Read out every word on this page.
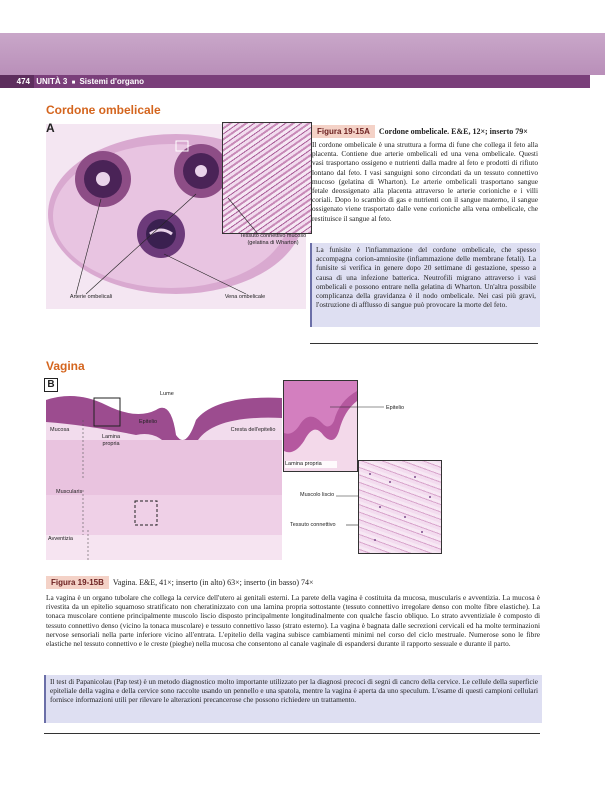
474 UNITÀ 3 ■ Sistemi d'organo
Cordone ombelicale
A
Tessuto connettivo mucoso (gelatina di Wharton)
Arterie ombelicali	Vena ombelicale
Figura 19-15A Cordone ombelicale. E&E, 12×; inserto 79×
Il cordone ombelicale è una struttura a forma di fune che collega il feto alla placenta. Contiene due arterie ombelicali ed una vena ombelicale. Questi vasi trasportano ossigeno e nutrienti dalla madre al feto e prodotti di rifiuto lontano dal feto. I vasi sanguigni sono circondati da un tessuto connettivo mucoso (gelatina di Wharton). Le arterie ombelicali trasportano sangue fetale deossigenato alla placenta attraverso le arterie corioniche e i villi coriali. Dopo lo scambio di gas e nutrienti con il sangue materno, il sangue ossigenato viene trasportato dalle vene corioniche alla vena ombelicale, che restituisce il sangue al feto.
La funisite è l'infiammazione del cordone ombelicale, che spesso accompagna corion-amniosite (infiammazione delle membrane fetali). La funisite si verifica in genere dopo 20 settimane di gestazione, spesso a causa di una infezione batterica. Neutrofili migrano attraverso i vasi ombelicali e possono entrare nella gelatina di Wharton. Un'altra possibile complicanza della gravidanza è il nodo ombelicale. Nei casi più gravi, l'ostruzione di afflusso di sangue può provocare la morte del feto.
Vagina
B
Lume
Epitelio
Cresta dell'epitelio
Mucosa
Lamina propria
Muscularis
Avventizia
Lamina propria
Epitelio
Muscolo liscio
Tessuto connettivo
Figura 19-15B Vagina. E&E, 41×; inserto (in alto) 63×; inserto (in basso) 74×
La vagina è un organo tubolare che collega la cervice dell'utero ai genitali esterni. La parete della vagina è costituita da mucosa, muscularis e avventizia. La mucosa è rivestita da un epitelio squamoso stratificato non cheratinizzato con una lamina propria sottostante (tessuto connettivo irregolare denso con molte fibre elastiche). La tonaca muscolare contiene principalmente muscolo liscio disposto principalmente longitudinalmente con qualche fascio obliquo. Lo strato avventiziale è composto di tessuto connettivo denso (vicino la tonaca muscolare) e tessuto connettivo lasso (strato esterno). La vagina è bagnata dalle secrezioni cervicali ed ha molte terminazioni nervose sensoriali nella parte inferiore vicino all'entrata. L'epitelio della vagina subisce cambiamenti minimi nel corso del ciclo mestruale. Numerose sono le fibre elastiche nel tessuto connettivo e le creste (pieghe) nella mucosa che consentono al canale vaginale di espandersi durante il rapporto sessuale e durante il parto.
Il test di Papanicolau (Pap test) è un metodo diagnostico molto importante utilizzato per la diagnosi precoci di segni di cancro della cervice. Le cellule della superficie epiteliale della vagina e della cervice sono raccolte usando un pennello e una spatola, mentre la vagina è aperta da uno speculum. L'esame di questi campioni cellulari fornisce informazioni utili per rilevare le alterazioni precancerose che possono richiedere un trattamento.
